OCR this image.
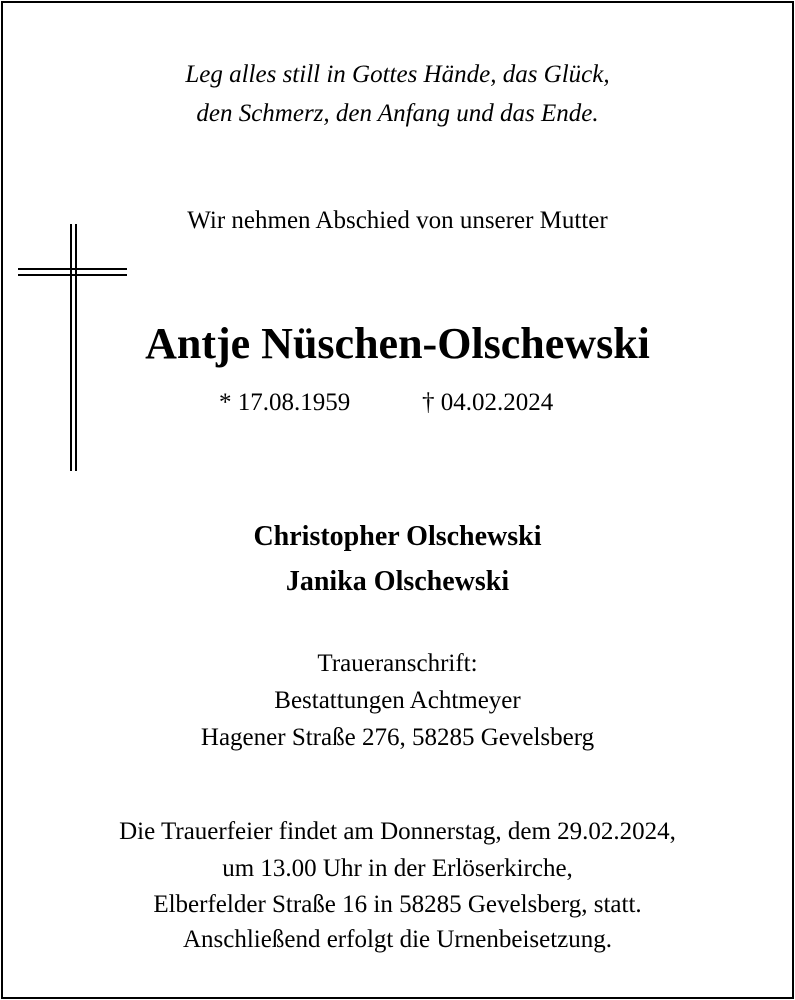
Leg alles still in Gottes Hände, das Glück,
den Schmerz, den Anfang und das Ende.
Wir nehmen Abschied von unserer Mutter
Antje Nüschen-Olschewski
* 17.08.1959	† 04.02.2024
Christopher Olschewski
Janika Olschewski
Traueranschrift:
Bestattungen Achtmeyer
Hagener Straße 276, 58285 Gevelsberg
Die Trauerfeier findet am Donnerstag, dem 29.02.2024,
um 13.00 Uhr in der Erlöserkirche,
Elberfelder Straße 16 in 58285 Gevelsberg, statt.
Anschließend erfolgt die Urnenbeisetzung.
